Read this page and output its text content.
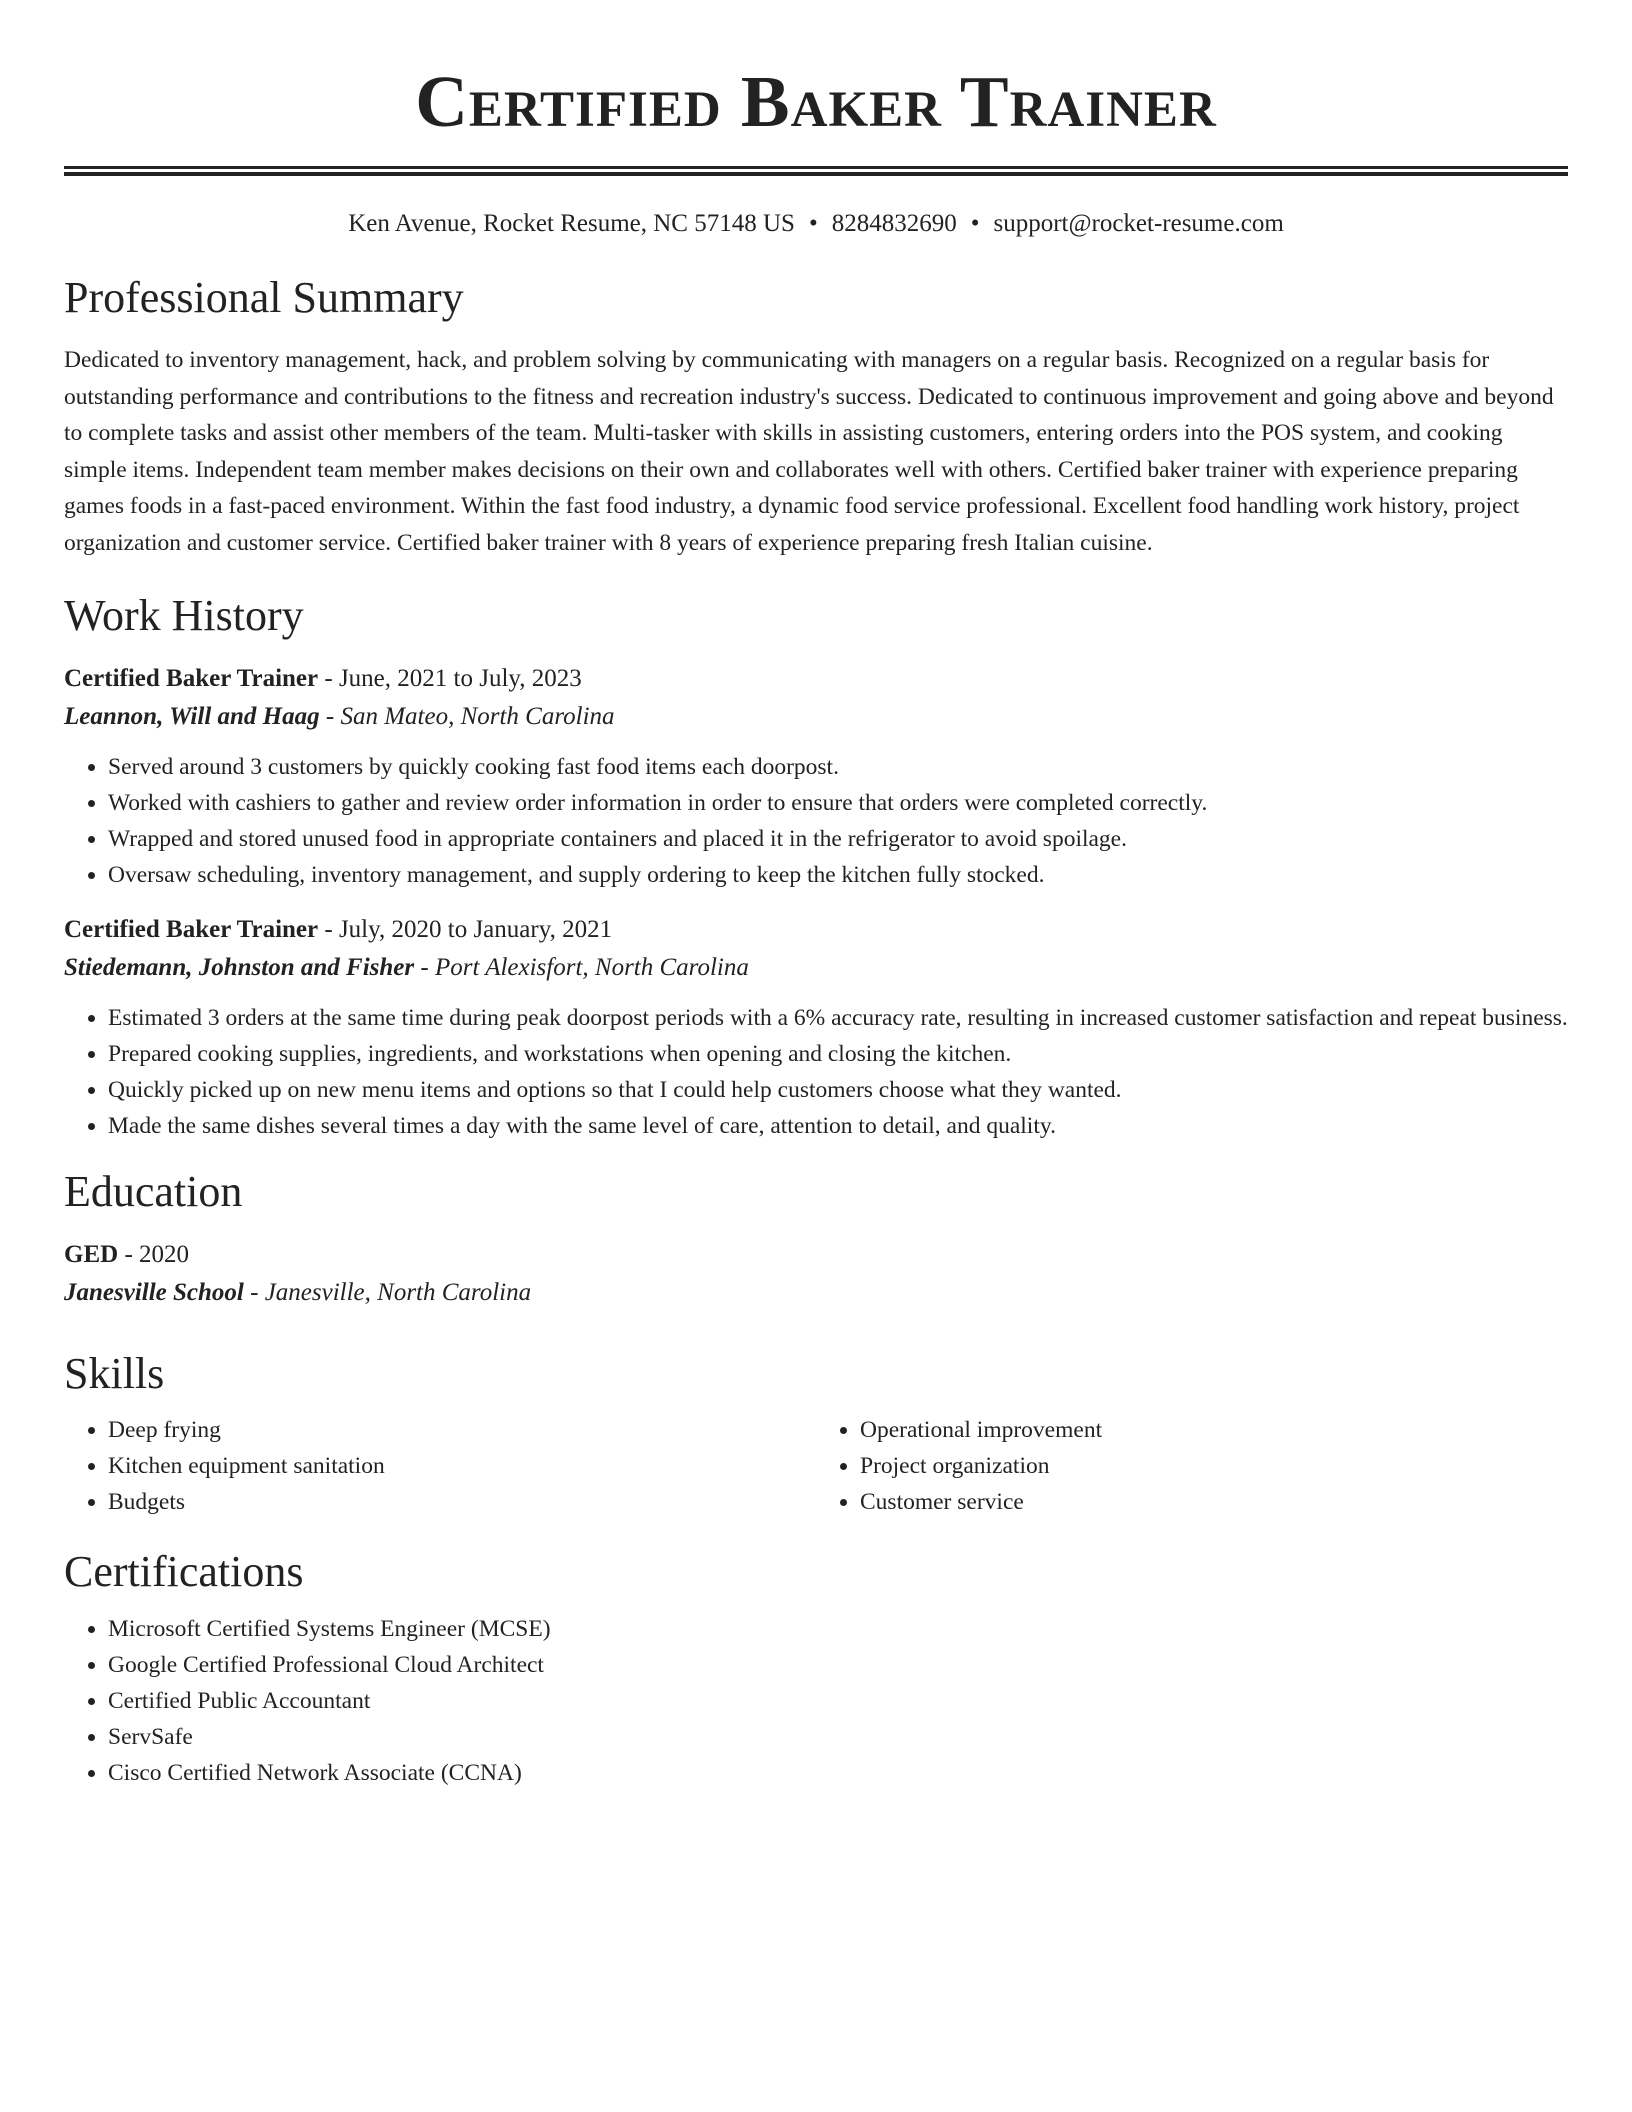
Certified Baker Trainer
Ken Avenue, Rocket Resume, NC 57148 US • 8284832690 • support@rocket-resume.com
Professional Summary

Dedicated to inventory management, hack, and problem solving by communicating with managers on a regular basis. Recognized on a regular basis for outstanding performance and contributions to the fitness and recreation industry's success. Dedicated to continuous improvement and going above and beyond to complete tasks and assist other members of the team. Multi-tasker with skills in assisting customers, entering orders into the POS system, and cooking simple items. Independent team member makes decisions on their own and collaborates well with others. Certified baker trainer with experience preparing games foods in a fast-paced environment. Within the fast food industry, a dynamic food service professional. Excellent food handling work history, project organization and customer service. Certified baker trainer with 8 years of experience preparing fresh Italian cuisine.

Work History
Certified Baker Trainer - June, 2021 to July, 2023
Leannon, Will and Haag - San Mateo, North Carolina
• Served around 3 customers by quickly cooking fast food items each doorpost.
• Worked with cashiers to gather and review order information in order to ensure that orders were completed correctly.
• Wrapped and stored unused food in appropriate containers and placed it in the refrigerator to avoid spoilage.
• Oversaw scheduling, inventory management, and supply ordering to keep the kitchen fully stocked.
Certified Baker Trainer - July, 2020 to January, 2021
Stiedemann, Johnston and Fisher - Port Alexisfort, North Carolina
• Estimated 3 orders at the same time during peak doorpost periods with a 6% accuracy rate, resulting in increased customer satisfaction and repeat business.
• Prepared cooking supplies, ingredients, and workstations when opening and closing the kitchen.
• Quickly picked up on new menu items and options so that I could help customers choose what they wanted.
• Made the same dishes several times a day with the same level of care, attention to detail, and quality.
Education
GED - 2020
Janesville School - Janesville, North Carolina
Skills
• Deep frying
• Kitchen equipment sanitation
• Budgets
• Operational improvement
• Project organization
• Customer service
Certifications
• Microsoft Certified Systems Engineer (MCSE)
• Google Certified Professional Cloud Architect
• Certified Public Accountant
• ServSafe
• Cisco Certified Network Associate (CCNA)
